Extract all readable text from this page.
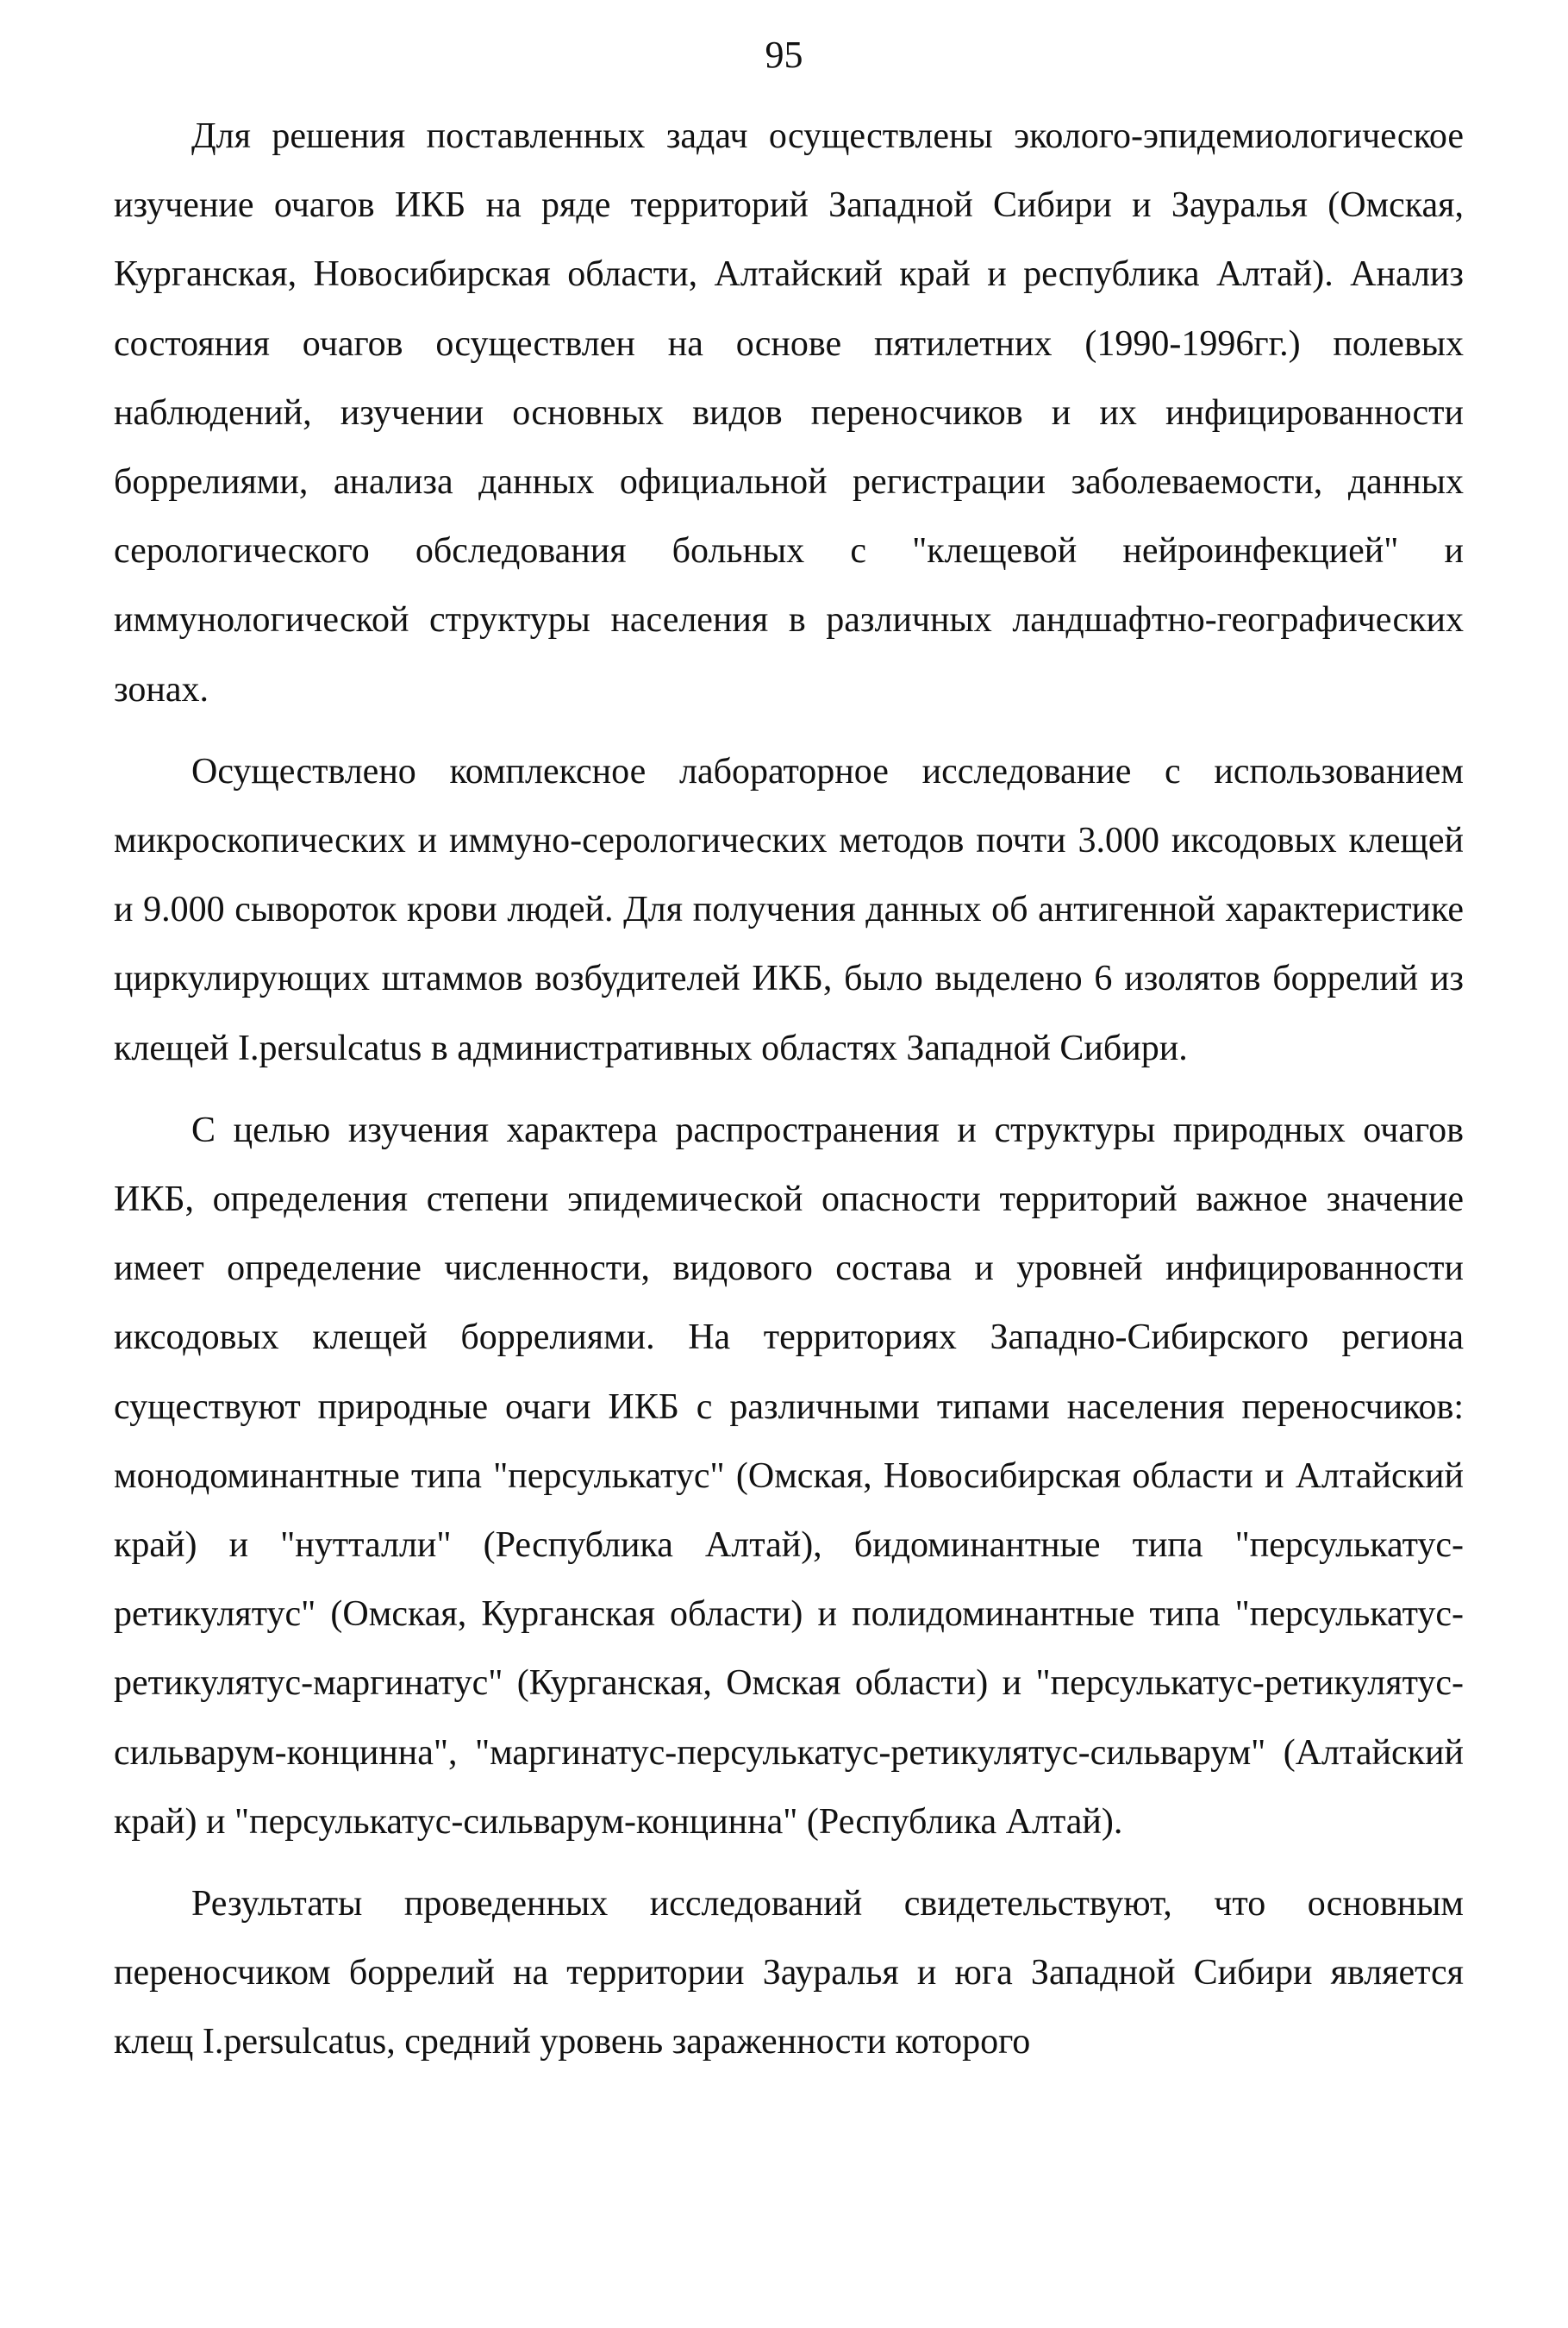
95

Для решения поставленных задач осуществлены эколого-эпидемиологическое изучение очагов ИКБ на ряде территорий Западной Сибири и Зауралья (Омская, Курганская, Новосибирская области, Алтайский край и республика Алтай). Анализ состояния очагов осуществлен на основе пятилетних (1990-1996гг.) полевых наблюдений, изучении основных видов переносчиков и их инфицированности боррелиями, анализа данных официальной регистрации заболеваемости, данных серологического обследования больных с "клещевой нейроинфекцией" и иммунологической структуры населения в различных ландшафтно-географических зонах.

Осуществлено комплексное лабораторное исследование с использованием микроскопических и иммуно-серологических методов почти 3.000 иксодовых клещей и 9.000 сывороток крови людей. Для получения данных об антигенной характеристике циркулирующих штаммов возбудителей ИКБ, было выделено 6 изолятов боррелий из клещей I.persulcatus в административных областях Западной Сибири.

С целью изучения характера распространения и структуры природных очагов ИКБ, определения степени эпидемической опасности территорий важное значение имеет определение численности, видового состава и уровней инфицированности иксодовых клещей боррелиями. На территориях Западно-Сибирского региона существуют природные очаги ИКБ с различными типами населения переносчиков: монодоминантные типа "персулькатус" (Омская, Новосибирская области и Алтайский край) и "нутталли" (Республика Алтай), бидоминантные типа "персулькатус-ретикулятус" (Омская, Курганская области) и полидоминантные типа "персулькатус-ретикулятус-маргинатус" (Курганская, Омская области) и "персулькатус-ретикулятус-сильварум-концинна", "маргинатус-персулькатус-ретикулятус-сильварум" (Алтайский край) и "персулькатус-сильварум-концинна" (Республика Алтай).

Результаты проведенных исследований свидетельствуют, что основным переносчиком боррелий на территории Зауралья и юга Западной Сибири является клещ I.persulcatus, средний уровень зараженности которого
